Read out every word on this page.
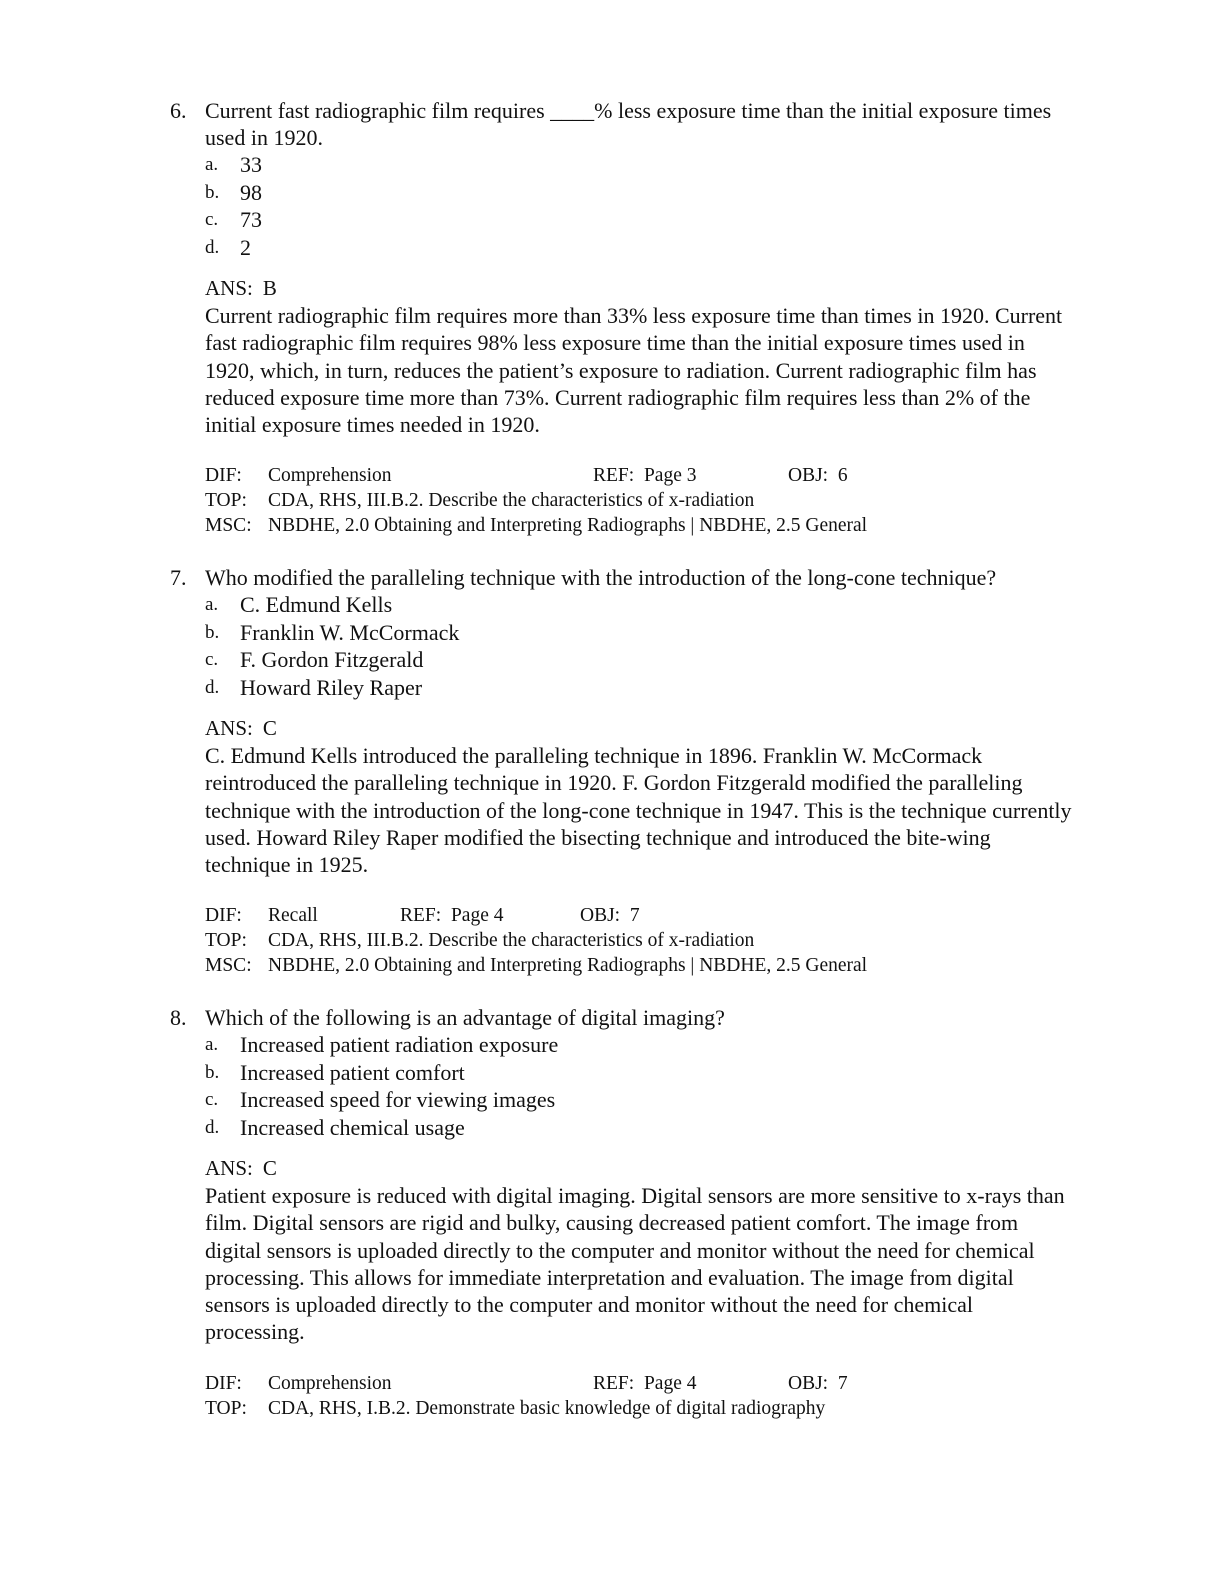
6. Current fast radiographic film requires ____% less exposure time than the initial exposure times used in 1920.
a. 33
b. 98
c. 73
d. 2
ANS: B
Current radiographic film requires more than 33% less exposure time than times in 1920. Current fast radiographic film requires 98% less exposure time than the initial exposure times used in 1920, which, in turn, reduces the patient’s exposure to radiation. Current radiographic film has reduced exposure time more than 73%. Current radiographic film requires less than 2% of the initial exposure times needed in 1920.
DIF: Comprehension	REF: Page 3	OBJ: 6
TOP: CDA, RHS, III.B.2. Describe the characteristics of x-radiation
MSC: NBDHE, 2.0 Obtaining and Interpreting Radiographs | NBDHE, 2.5 General
7. Who modified the paralleling technique with the introduction of the long-cone technique?
a. C. Edmund Kells
b. Franklin W. McCormack
c. F. Gordon Fitzgerald
d. Howard Riley Raper
ANS: C
C. Edmund Kells introduced the paralleling technique in 1896. Franklin W. McCormack reintroduced the paralleling technique in 1920. F. Gordon Fitzgerald modified the paralleling technique with the introduction of the long-cone technique in 1947. This is the technique currently used. Howard Riley Raper modified the bisecting technique and introduced the bite-wing technique in 1925.
DIF: Recall	REF: Page 4	OBJ: 7
TOP: CDA, RHS, III.B.2. Describe the characteristics of x-radiation
MSC: NBDHE, 2.0 Obtaining and Interpreting Radiographs | NBDHE, 2.5 General
8. Which of the following is an advantage of digital imaging?
a. Increased patient radiation exposure
b. Increased patient comfort
c. Increased speed for viewing images
d. Increased chemical usage
ANS: C
Patient exposure is reduced with digital imaging. Digital sensors are more sensitive to x-rays than film. Digital sensors are rigid and bulky, causing decreased patient comfort. The image from digital sensors is uploaded directly to the computer and monitor without the need for chemical processing. This allows for immediate interpretation and evaluation. The image from digital sensors is uploaded directly to the computer and monitor without the need for chemical processing.
DIF: Comprehension	REF: Page 4	OBJ: 7
TOP: CDA, RHS, I.B.2. Demonstrate basic knowledge of digital radiography
